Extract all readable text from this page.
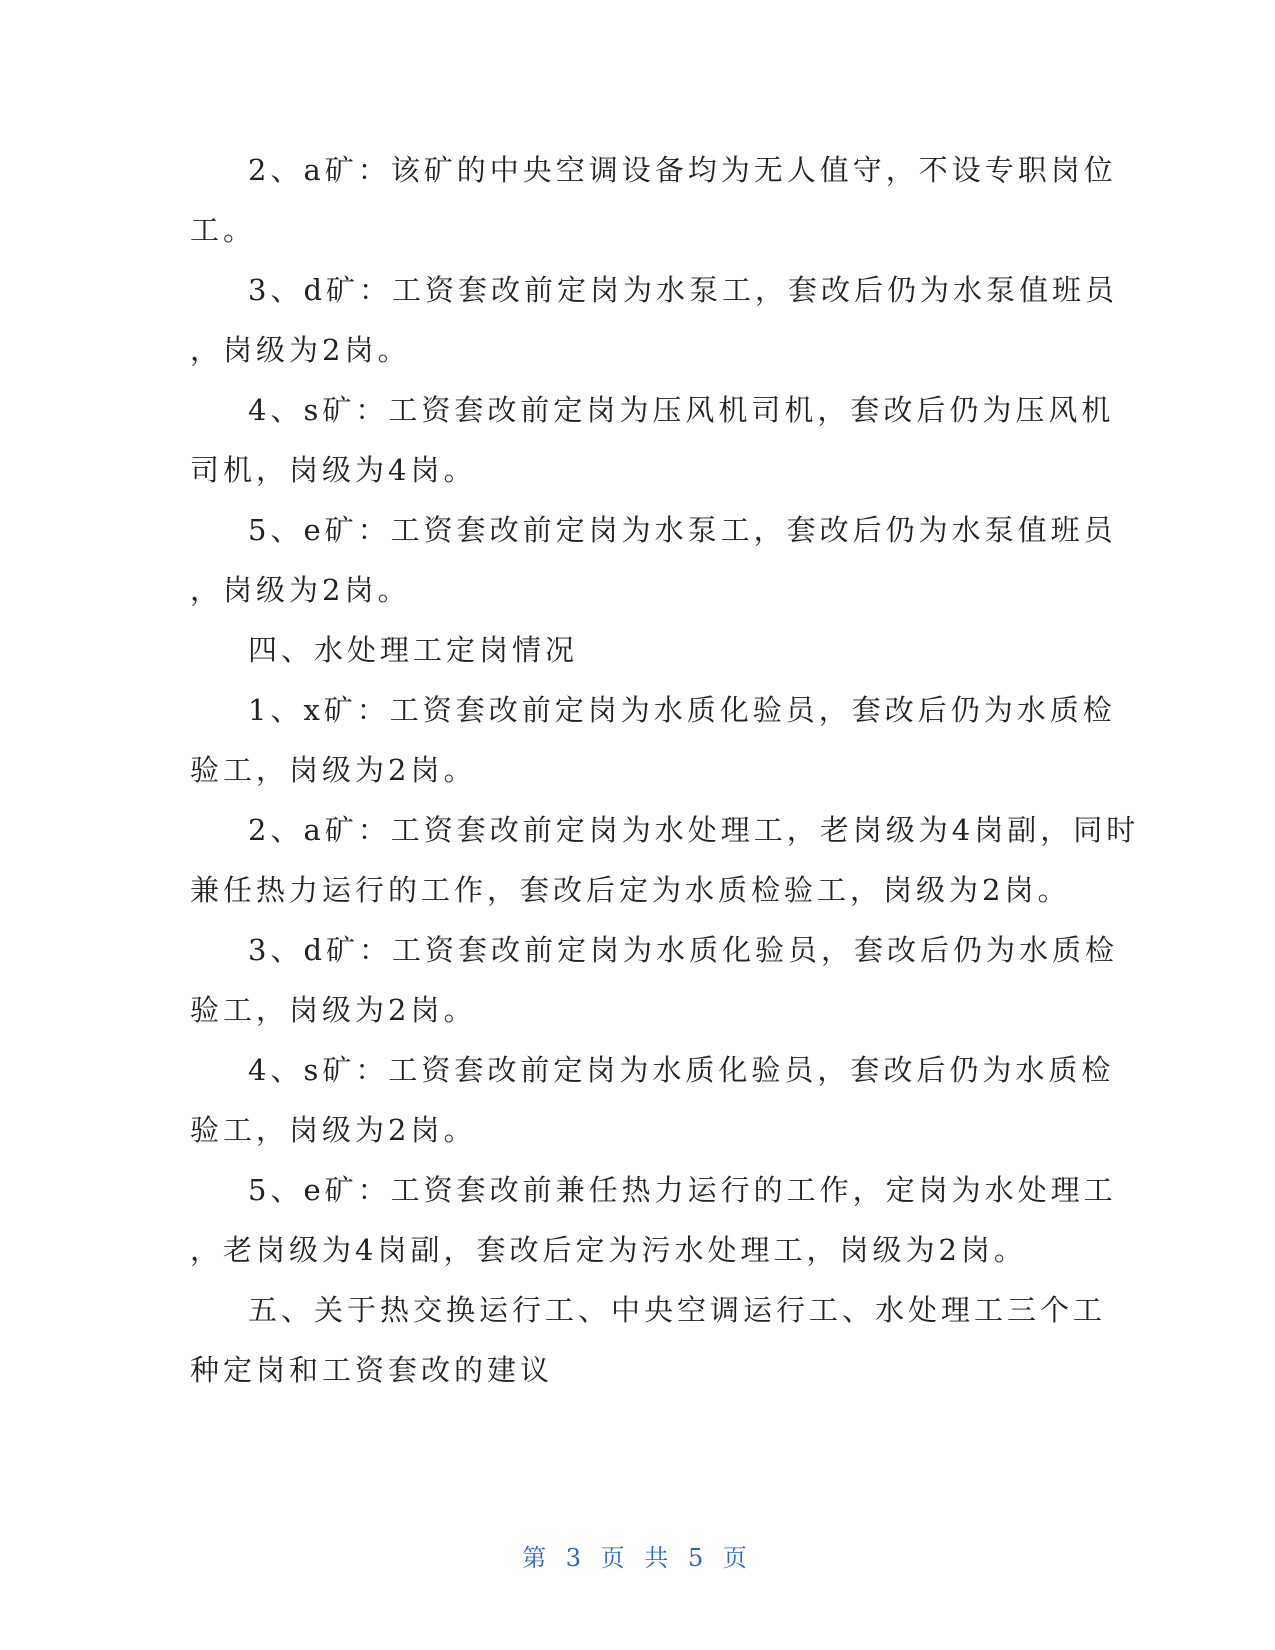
2、a矿：该矿的中央空调设备均为无人值守，不设专职岗位
工。
3、d矿：工资套改前定岗为水泵工，套改后仍为水泵值班员
，岗级为2岗。
4、s矿：工资套改前定岗为压风机司机，套改后仍为压风机
司机，岗级为4岗。
5、e矿：工资套改前定岗为水泵工，套改后仍为水泵值班员
，岗级为2岗。
四、水处理工定岗情况
1、x矿：工资套改前定岗为水质化验员，套改后仍为水质检
验工，岗级为2岗。
2、a矿：工资套改前定岗为水处理工，老岗级为4岗副，同时
兼任热力运行的工作，套改后定为水质检验工，岗级为2岗。
3、d矿：工资套改前定岗为水质化验员，套改后仍为水质检
验工，岗级为2岗。
4、s矿：工资套改前定岗为水质化验员，套改后仍为水质检
验工，岗级为2岗。
5、e矿：工资套改前兼任热力运行的工作，定岗为水处理工
，老岗级为4岗副，套改后定为污水处理工，岗级为2岗。
五、关于热交换运行工、中央空调运行工、水处理工三个工
种定岗和工资套改的建议
第 3 页 共 5 页
